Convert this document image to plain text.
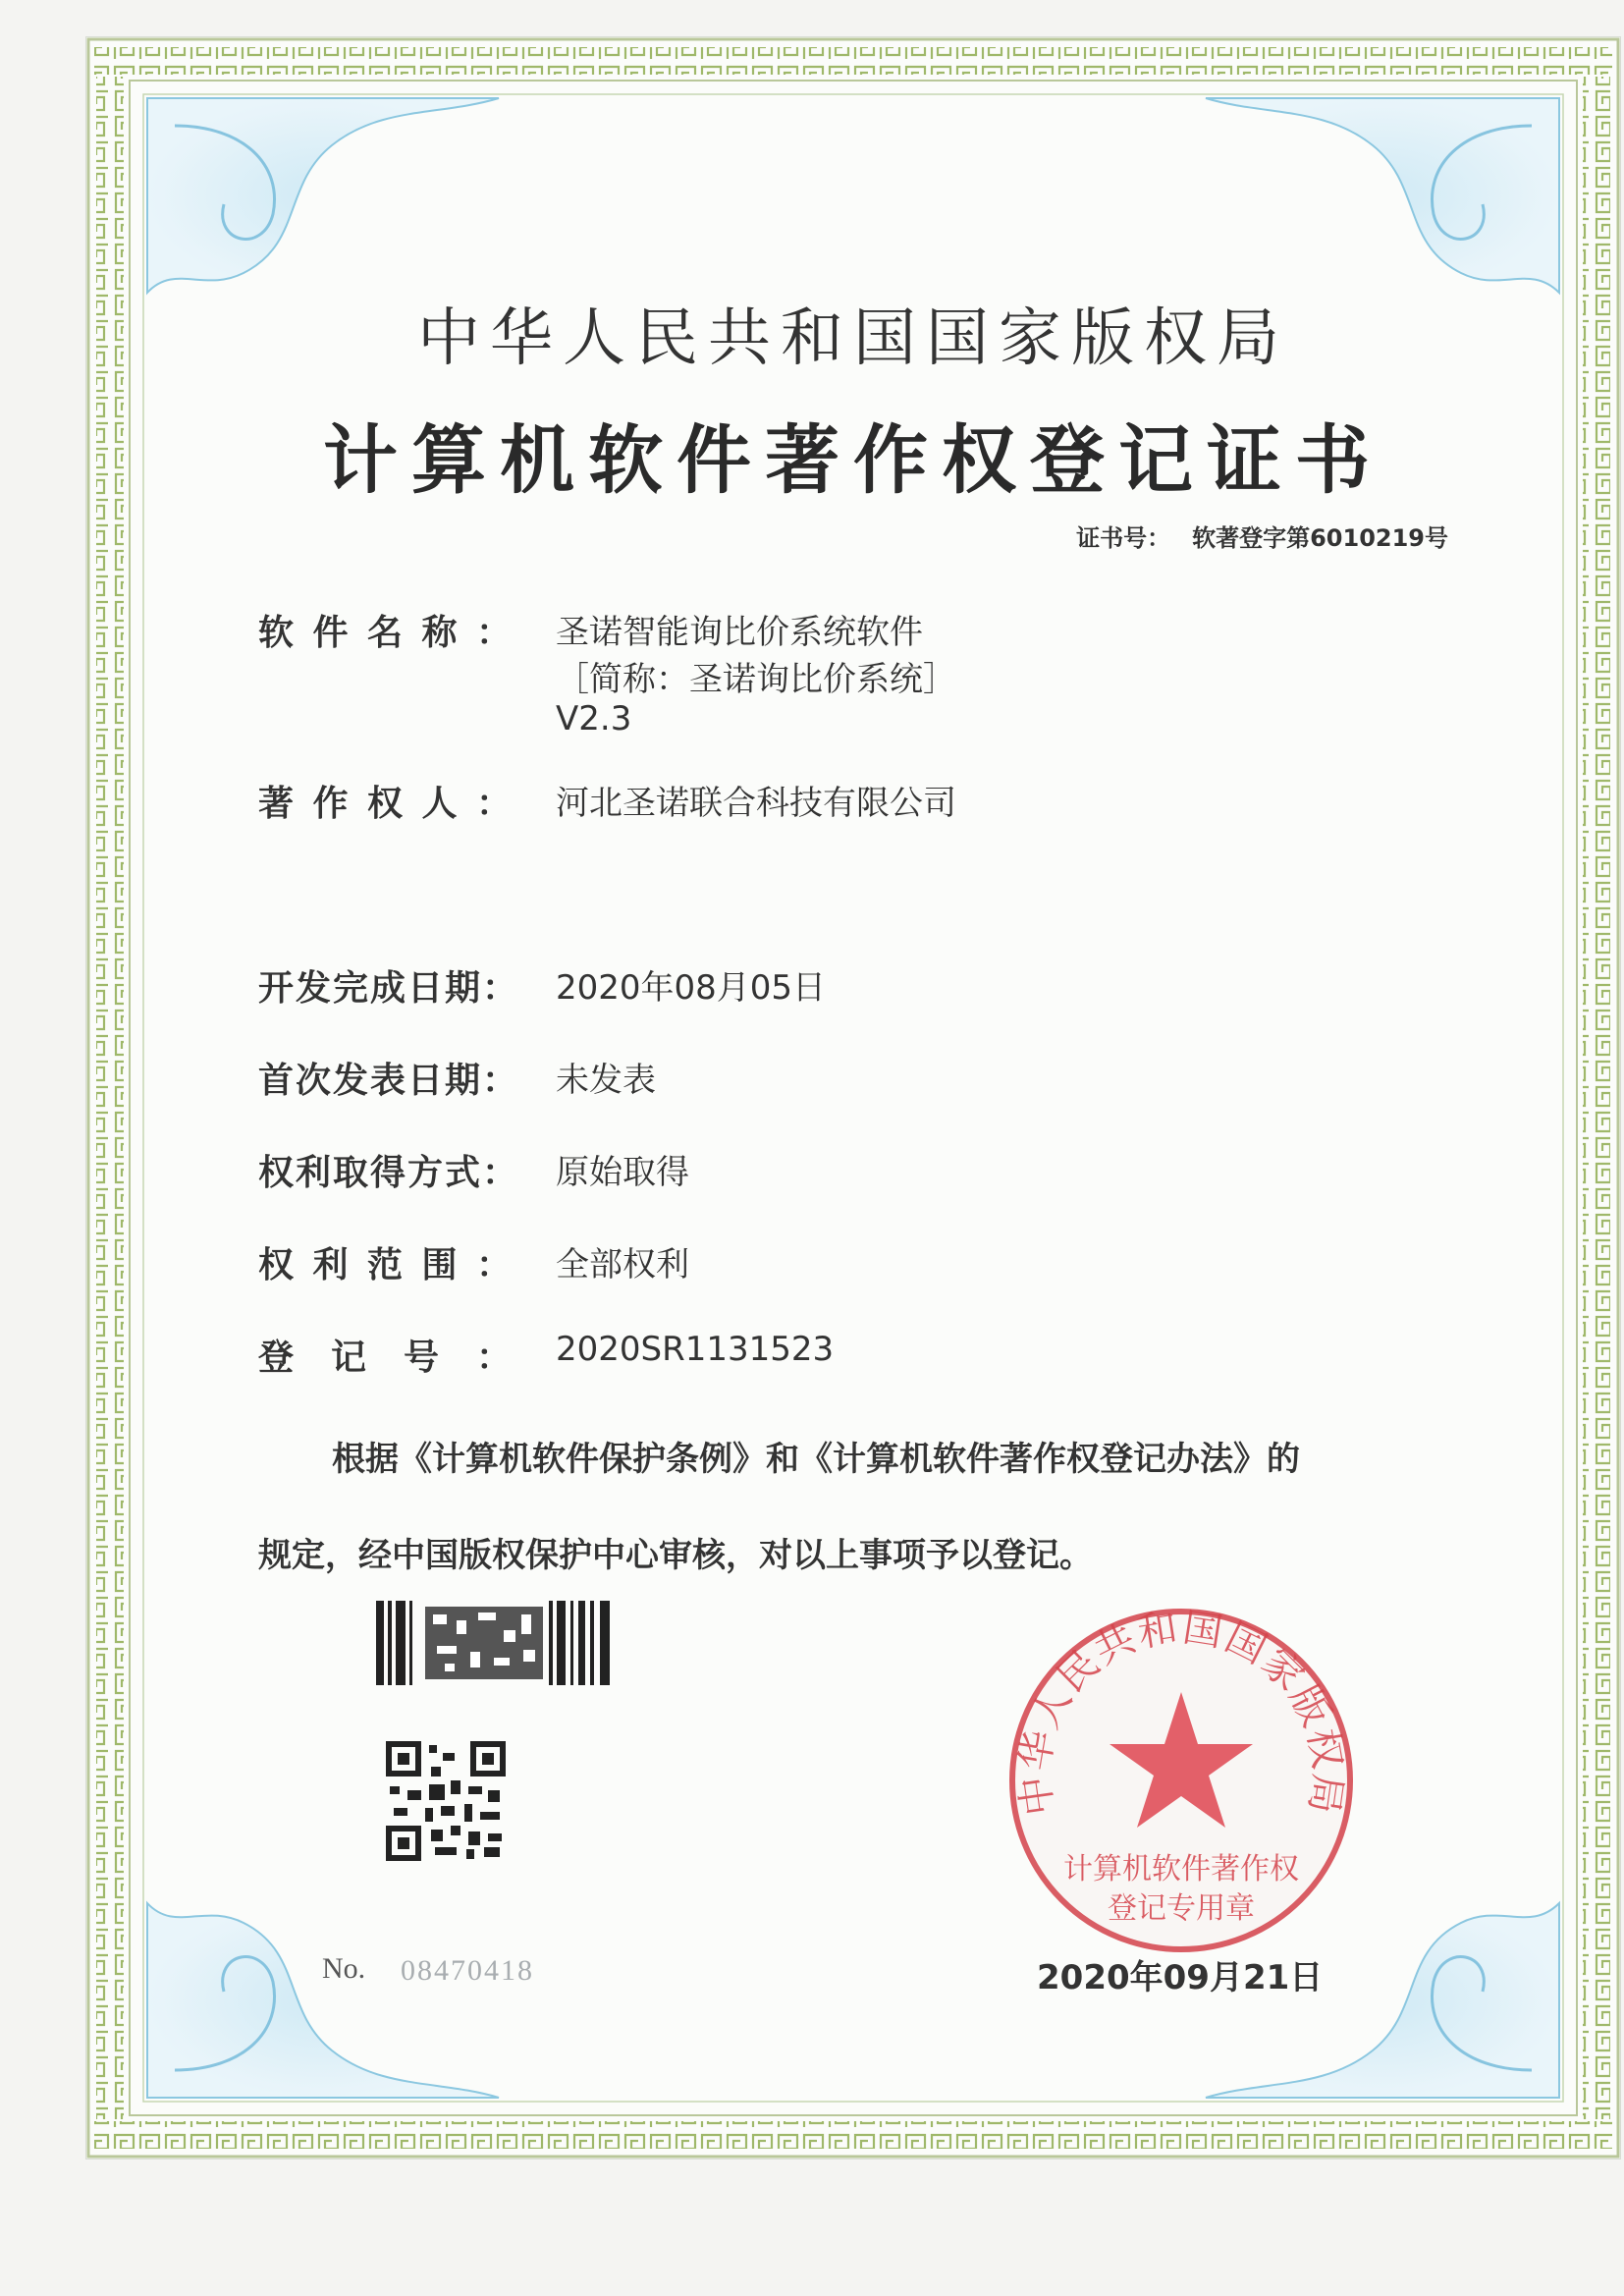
中华人民共和国国家版权局
计算机软件著作权登记证书
证书号： 软著登字第6010219号
软 件 名 称 ： 圣诺智能询比价系统软件
［简称：圣诺询比价系统］
V2.3
著 作 权 人 ： 河北圣诺联合科技有限公司
开发完成日期： 2020年08月05日
首次发表日期： 未发表
权利取得方式： 原始取得
权 利 范 围 ： 全部权利
登 记 号 ： 2020SR1131523
根据《计算机软件保护条例》和《计算机软件著作权登记办法》的
规定，经中国版权保护中心审核，对以上事项予以登记。
No. 08470418
中华人民共和国国家版权局
计算机软件著作权
登记专用章
2020年09月21日
